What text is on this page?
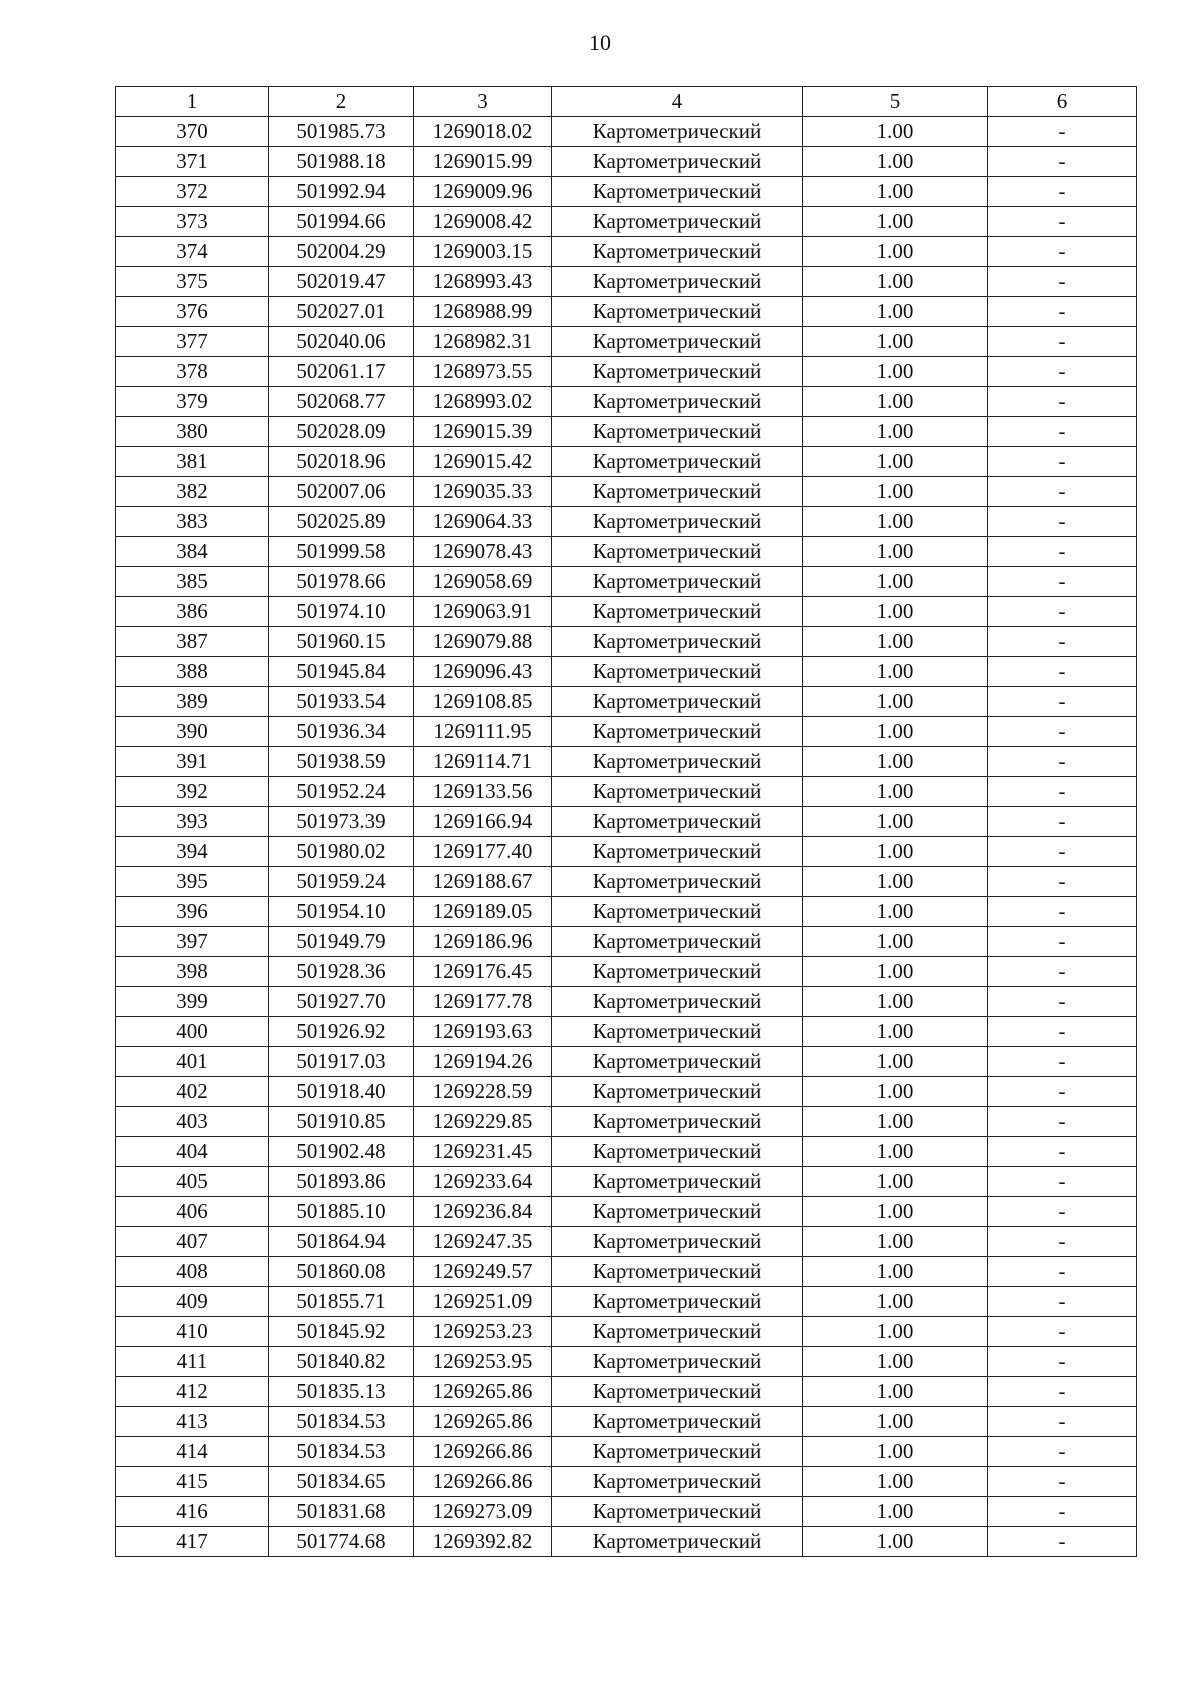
10
1	2	3	4	5	6
370	501985.73	1269018.02	Картометрический	1.00	-
371	501988.18	1269015.99	Картометрический	1.00	-
372	501992.94	1269009.96	Картометрический	1.00	-
373	501994.66	1269008.42	Картометрический	1.00	-
374	502004.29	1269003.15	Картометрический	1.00	-
375	502019.47	1268993.43	Картометрический	1.00	-
376	502027.01	1268988.99	Картометрический	1.00	-
377	502040.06	1268982.31	Картометрический	1.00	-
378	502061.17	1268973.55	Картометрический	1.00	-
379	502068.77	1268993.02	Картометрический	1.00	-
380	502028.09	1269015.39	Картометрический	1.00	-
381	502018.96	1269015.42	Картометрический	1.00	-
382	502007.06	1269035.33	Картометрический	1.00	-
383	502025.89	1269064.33	Картометрический	1.00	-
384	501999.58	1269078.43	Картометрический	1.00	-
385	501978.66	1269058.69	Картометрический	1.00	-
386	501974.10	1269063.91	Картометрический	1.00	-
387	501960.15	1269079.88	Картометрический	1.00	-
388	501945.84	1269096.43	Картометрический	1.00	-
389	501933.54	1269108.85	Картометрический	1.00	-
390	501936.34	1269111.95	Картометрический	1.00	-
391	501938.59	1269114.71	Картометрический	1.00	-
392	501952.24	1269133.56	Картометрический	1.00	-
393	501973.39	1269166.94	Картометрический	1.00	-
394	501980.02	1269177.40	Картометрический	1.00	-
395	501959.24	1269188.67	Картометрический	1.00	-
396	501954.10	1269189.05	Картометрический	1.00	-
397	501949.79	1269186.96	Картометрический	1.00	-
398	501928.36	1269176.45	Картометрический	1.00	-
399	501927.70	1269177.78	Картометрический	1.00	-
400	501926.92	1269193.63	Картометрический	1.00	-
401	501917.03	1269194.26	Картометрический	1.00	-
402	501918.40	1269228.59	Картометрический	1.00	-
403	501910.85	1269229.85	Картометрический	1.00	-
404	501902.48	1269231.45	Картометрический	1.00	-
405	501893.86	1269233.64	Картометрический	1.00	-
406	501885.10	1269236.84	Картометрический	1.00	-
407	501864.94	1269247.35	Картометрический	1.00	-
408	501860.08	1269249.57	Картометрический	1.00	-
409	501855.71	1269251.09	Картометрический	1.00	-
410	501845.92	1269253.23	Картометрический	1.00	-
411	501840.82	1269253.95	Картометрический	1.00	-
412	501835.13	1269265.86	Картометрический	1.00	-
413	501834.53	1269265.86	Картометрический	1.00	-
414	501834.53	1269266.86	Картометрический	1.00	-
415	501834.65	1269266.86	Картометрический	1.00	-
416	501831.68	1269273.09	Картометрический	1.00	-
417	501774.68	1269392.82	Картометрический	1.00	-
